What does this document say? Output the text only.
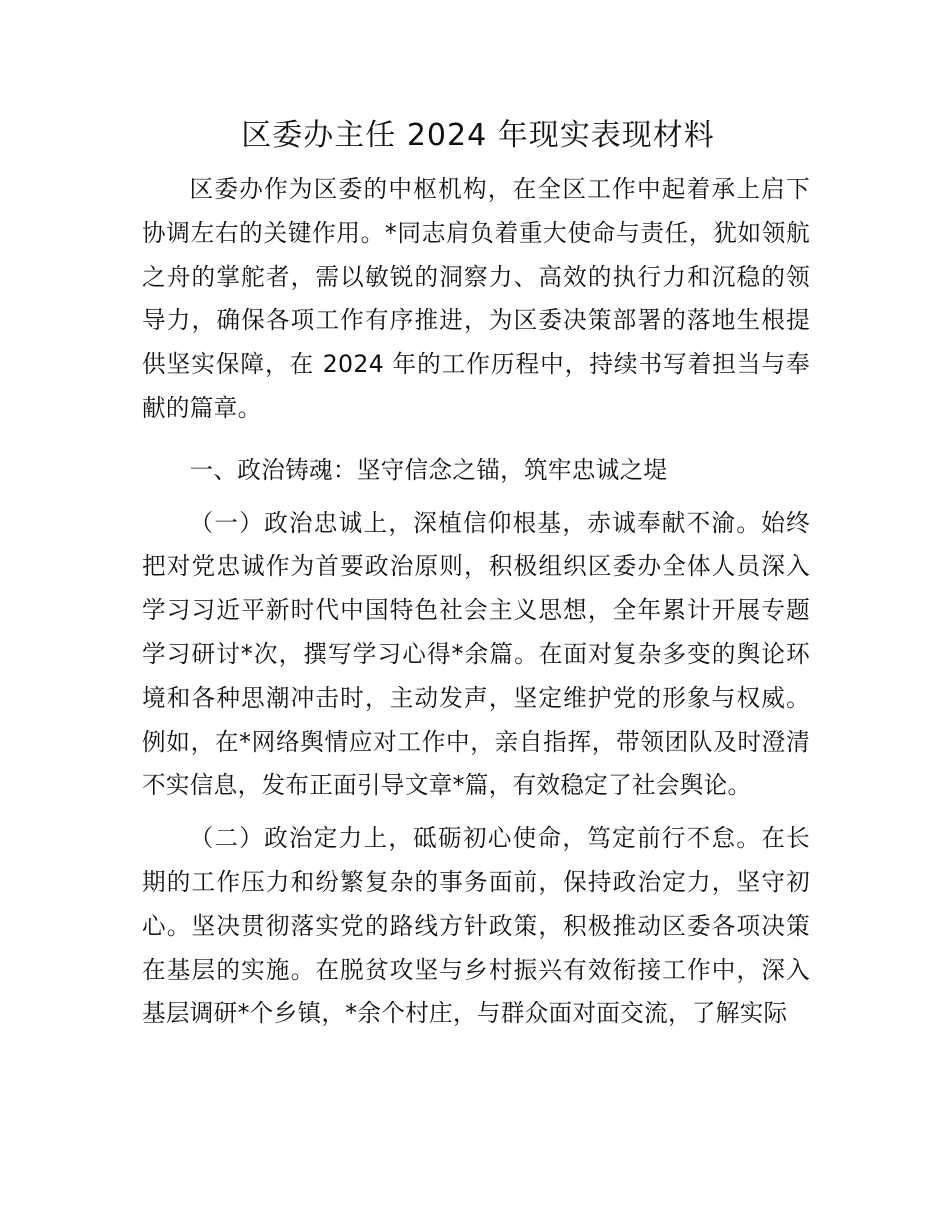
区委办主任 2024 年现实表现材料

区委办作为区委的中枢机构，在全区工作中起着承上启下协调左右的关键作用。*同志肩负着重大使命与责任，犹如领航之舟的掌舵者，需以敏锐的洞察力、高效的执行力和沉稳的领导力，确保各项工作有序推进，为区委决策部署的落地生根提供坚实保障，在 2024 年的工作历程中，持续书写着担当与奉献的篇章。

一、政治铸魂：坚守信念之锚，筑牢忠诚之堤

（一）政治忠诚上，深植信仰根基，赤诚奉献不渝。始终把对党忠诚作为首要政治原则，积极组织区委办全体人员深入学习习近平新时代中国特色社会主义思想，全年累计开展专题学习研讨*次，撰写学习心得*余篇。在面对复杂多变的舆论环境和各种思潮冲击时，主动发声，坚定维护党的形象与权威。例如，在*网络舆情应对工作中，亲自指挥，带领团队及时澄清不实信息，发布正面引导文章*篇，有效稳定了社会舆论。

（二）政治定力上，砥砺初心使命，笃定前行不怠。在长期的工作压力和纷繁复杂的事务面前，保持政治定力，坚守初心。坚决贯彻落实党的路线方针政策，积极推动区委各项决策在基层的实施。在脱贫攻坚与乡村振兴有效衔接工作中，深入基层调研*个乡镇，*余个村庄，与群众面对面交流，了解实际
